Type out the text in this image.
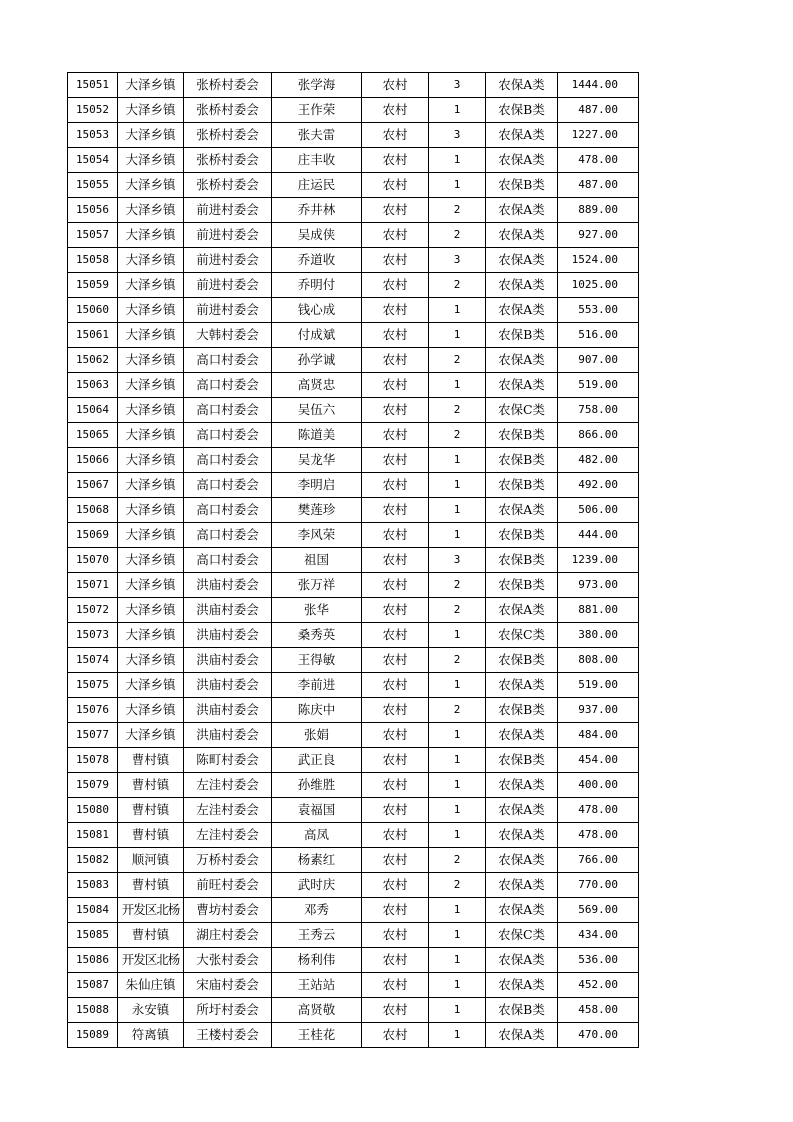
15051	大泽乡镇	张桥村委会	张学海	农村	3	农保A类	1444.00
15052	大泽乡镇	张桥村委会	王作荣	农村	1	农保B类	487.00
15053	大泽乡镇	张桥村委会	张夫雷	农村	3	农保A类	1227.00
15054	大泽乡镇	张桥村委会	庄丰收	农村	1	农保A类	478.00
15055	大泽乡镇	张桥村委会	庄运民	农村	1	农保B类	487.00
15056	大泽乡镇	前进村委会	乔井林	农村	2	农保A类	889.00
15057	大泽乡镇	前进村委会	吴成侠	农村	2	农保A类	927.00
15058	大泽乡镇	前进村委会	乔道收	农村	3	农保A类	1524.00
15059	大泽乡镇	前进村委会	乔明付	农村	2	农保A类	1025.00
15060	大泽乡镇	前进村委会	钱心成	农村	1	农保A类	553.00
15061	大泽乡镇	大韩村委会	付成斌	农村	1	农保B类	516.00
15062	大泽乡镇	高口村委会	孙学诚	农村	2	农保A类	907.00
15063	大泽乡镇	高口村委会	高贤忠	农村	1	农保A类	519.00
15064	大泽乡镇	高口村委会	吴伍六	农村	2	农保C类	758.00
15065	大泽乡镇	高口村委会	陈道美	农村	2	农保B类	866.00
15066	大泽乡镇	高口村委会	吴龙华	农村	1	农保B类	482.00
15067	大泽乡镇	高口村委会	李明启	农村	1	农保B类	492.00
15068	大泽乡镇	高口村委会	樊莲珍	农村	1	农保A类	506.00
15069	大泽乡镇	高口村委会	李风荣	农村	1	农保B类	444.00
15070	大泽乡镇	高口村委会	祖国	农村	3	农保B类	1239.00
15071	大泽乡镇	洪庙村委会	张万祥	农村	2	农保B类	973.00
15072	大泽乡镇	洪庙村委会	张华	农村	2	农保A类	881.00
15073	大泽乡镇	洪庙村委会	桑秀英	农村	1	农保C类	380.00
15074	大泽乡镇	洪庙村委会	王得敏	农村	2	农保B类	808.00
15075	大泽乡镇	洪庙村委会	李前进	农村	1	农保A类	519.00
15076	大泽乡镇	洪庙村委会	陈庆中	农村	2	农保B类	937.00
15077	大泽乡镇	洪庙村委会	张娟	农村	1	农保A类	484.00
15078	曹村镇	陈町村委会	武正良	农村	1	农保B类	454.00
15079	曹村镇	左洼村委会	孙维胜	农村	1	农保A类	400.00
15080	曹村镇	左洼村委会	袁福国	农村	1	农保A类	478.00
15081	曹村镇	左洼村委会	高凤	农村	1	农保A类	478.00
15082	顺河镇	万桥村委会	杨素红	农村	2	农保A类	766.00
15083	曹村镇	前旺村委会	武时庆	农村	2	农保A类	770.00
15084	开发区北杨	曹坊村委会	邓秀	农村	1	农保A类	569.00
15085	曹村镇	湖庄村委会	王秀云	农村	1	农保C类	434.00
15086	开发区北杨	大张村委会	杨利伟	农村	1	农保A类	536.00
15087	朱仙庄镇	宋庙村委会	王站站	农村	1	农保A类	452.00
15088	永安镇	所圩村委会	高贤敬	农村	1	农保B类	458.00
15089	符离镇	王楼村委会	王桂花	农村	1	农保A类	470.00
